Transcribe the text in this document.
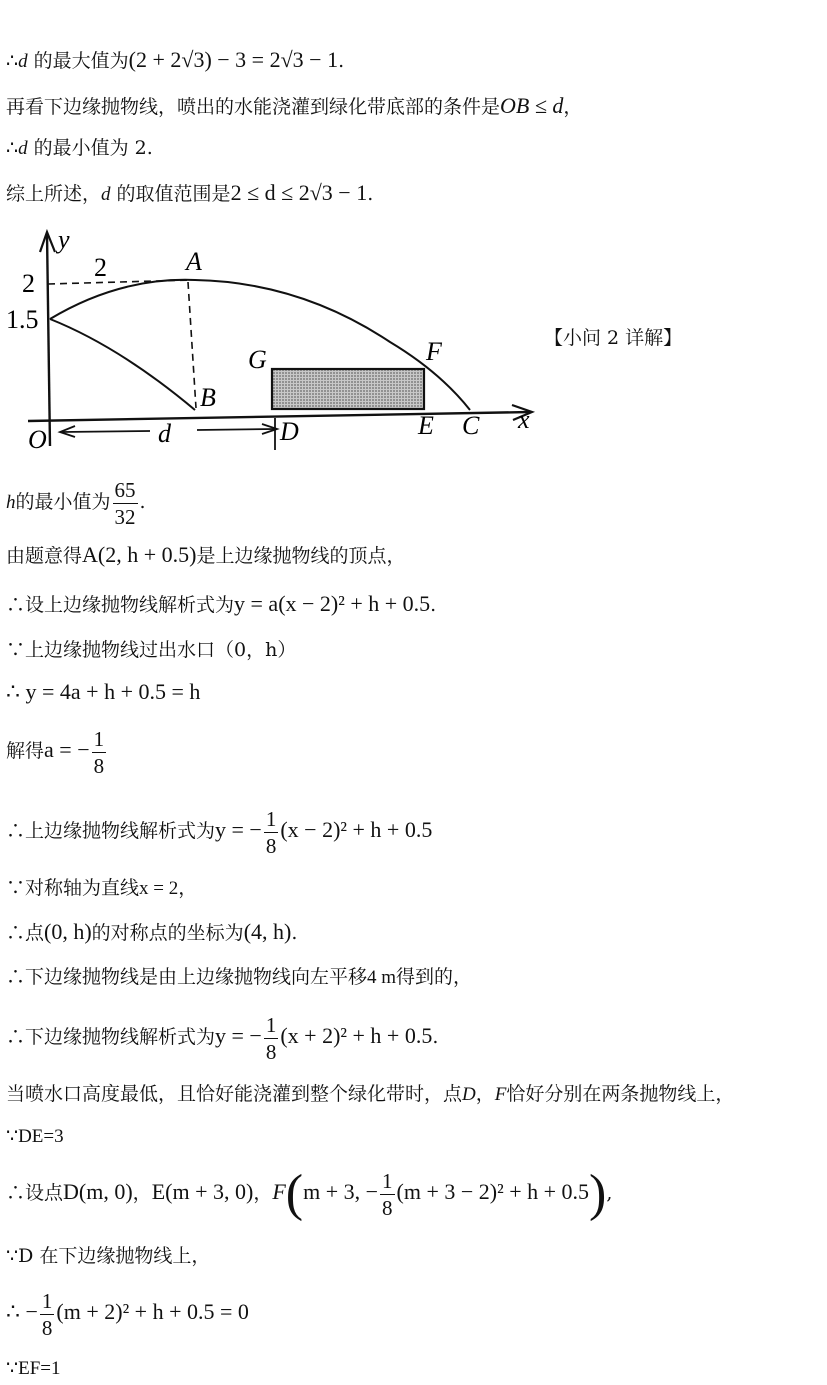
∴d 的最大值为(2 + 2√3) − 3 = 2√3 − 1.
再看下边缘抛物线，喷出的水能浇灌到绿化带底部的条件是OB ≤ d，
∴d 的最小值为 2.
综上所述，d 的取值范围是2 ≤ d ≤ 2√3 − 1.
y
2	A
2
1.5
G	F
B
O	d	D	E C x
【小问 2 详解】
h的最小值为 $\frac{65}{32}$ .
由题意得A(2, h + 0.5)是上边缘抛物线的顶点，
∴设上边缘抛物线解析式为y = a(x − 2)² + h + 0.5.
∵上边缘抛物线过出水口（0，h）
∴ y = 4a + h + 0.5 = h
解得a = − $\frac{1}{8}$
∴上边缘抛物线解析式为y = − $\frac{1}{8} (x - 2)^2 + h + 0.5$
∵对称轴为直线x = 2，
∴点(0, h)的对称点的坐标为(4, h).
∴下边缘抛物线是由上边缘抛物线向左平移4 m得到的，
∴下边缘抛物线解析式为y = − $\frac{1}{8} (x + 2)^2 + h + 0.5$.
当喷水口高度最低，且恰好能浇灌到整个绿化带时，点D，F恰好分别在两条抛物线上，
∵DE=3
∴设点D(m, 0)，E(m + 3, 0)，F(m + 3, − $\frac{1}{8} (m + 3 - 2)^2 + h + 0.5$),
∵D 在下边缘抛物线上，
∴ − $\frac{1}{8} (m + 2)^2 + h + 0.5 = 0$
∵EF=1
